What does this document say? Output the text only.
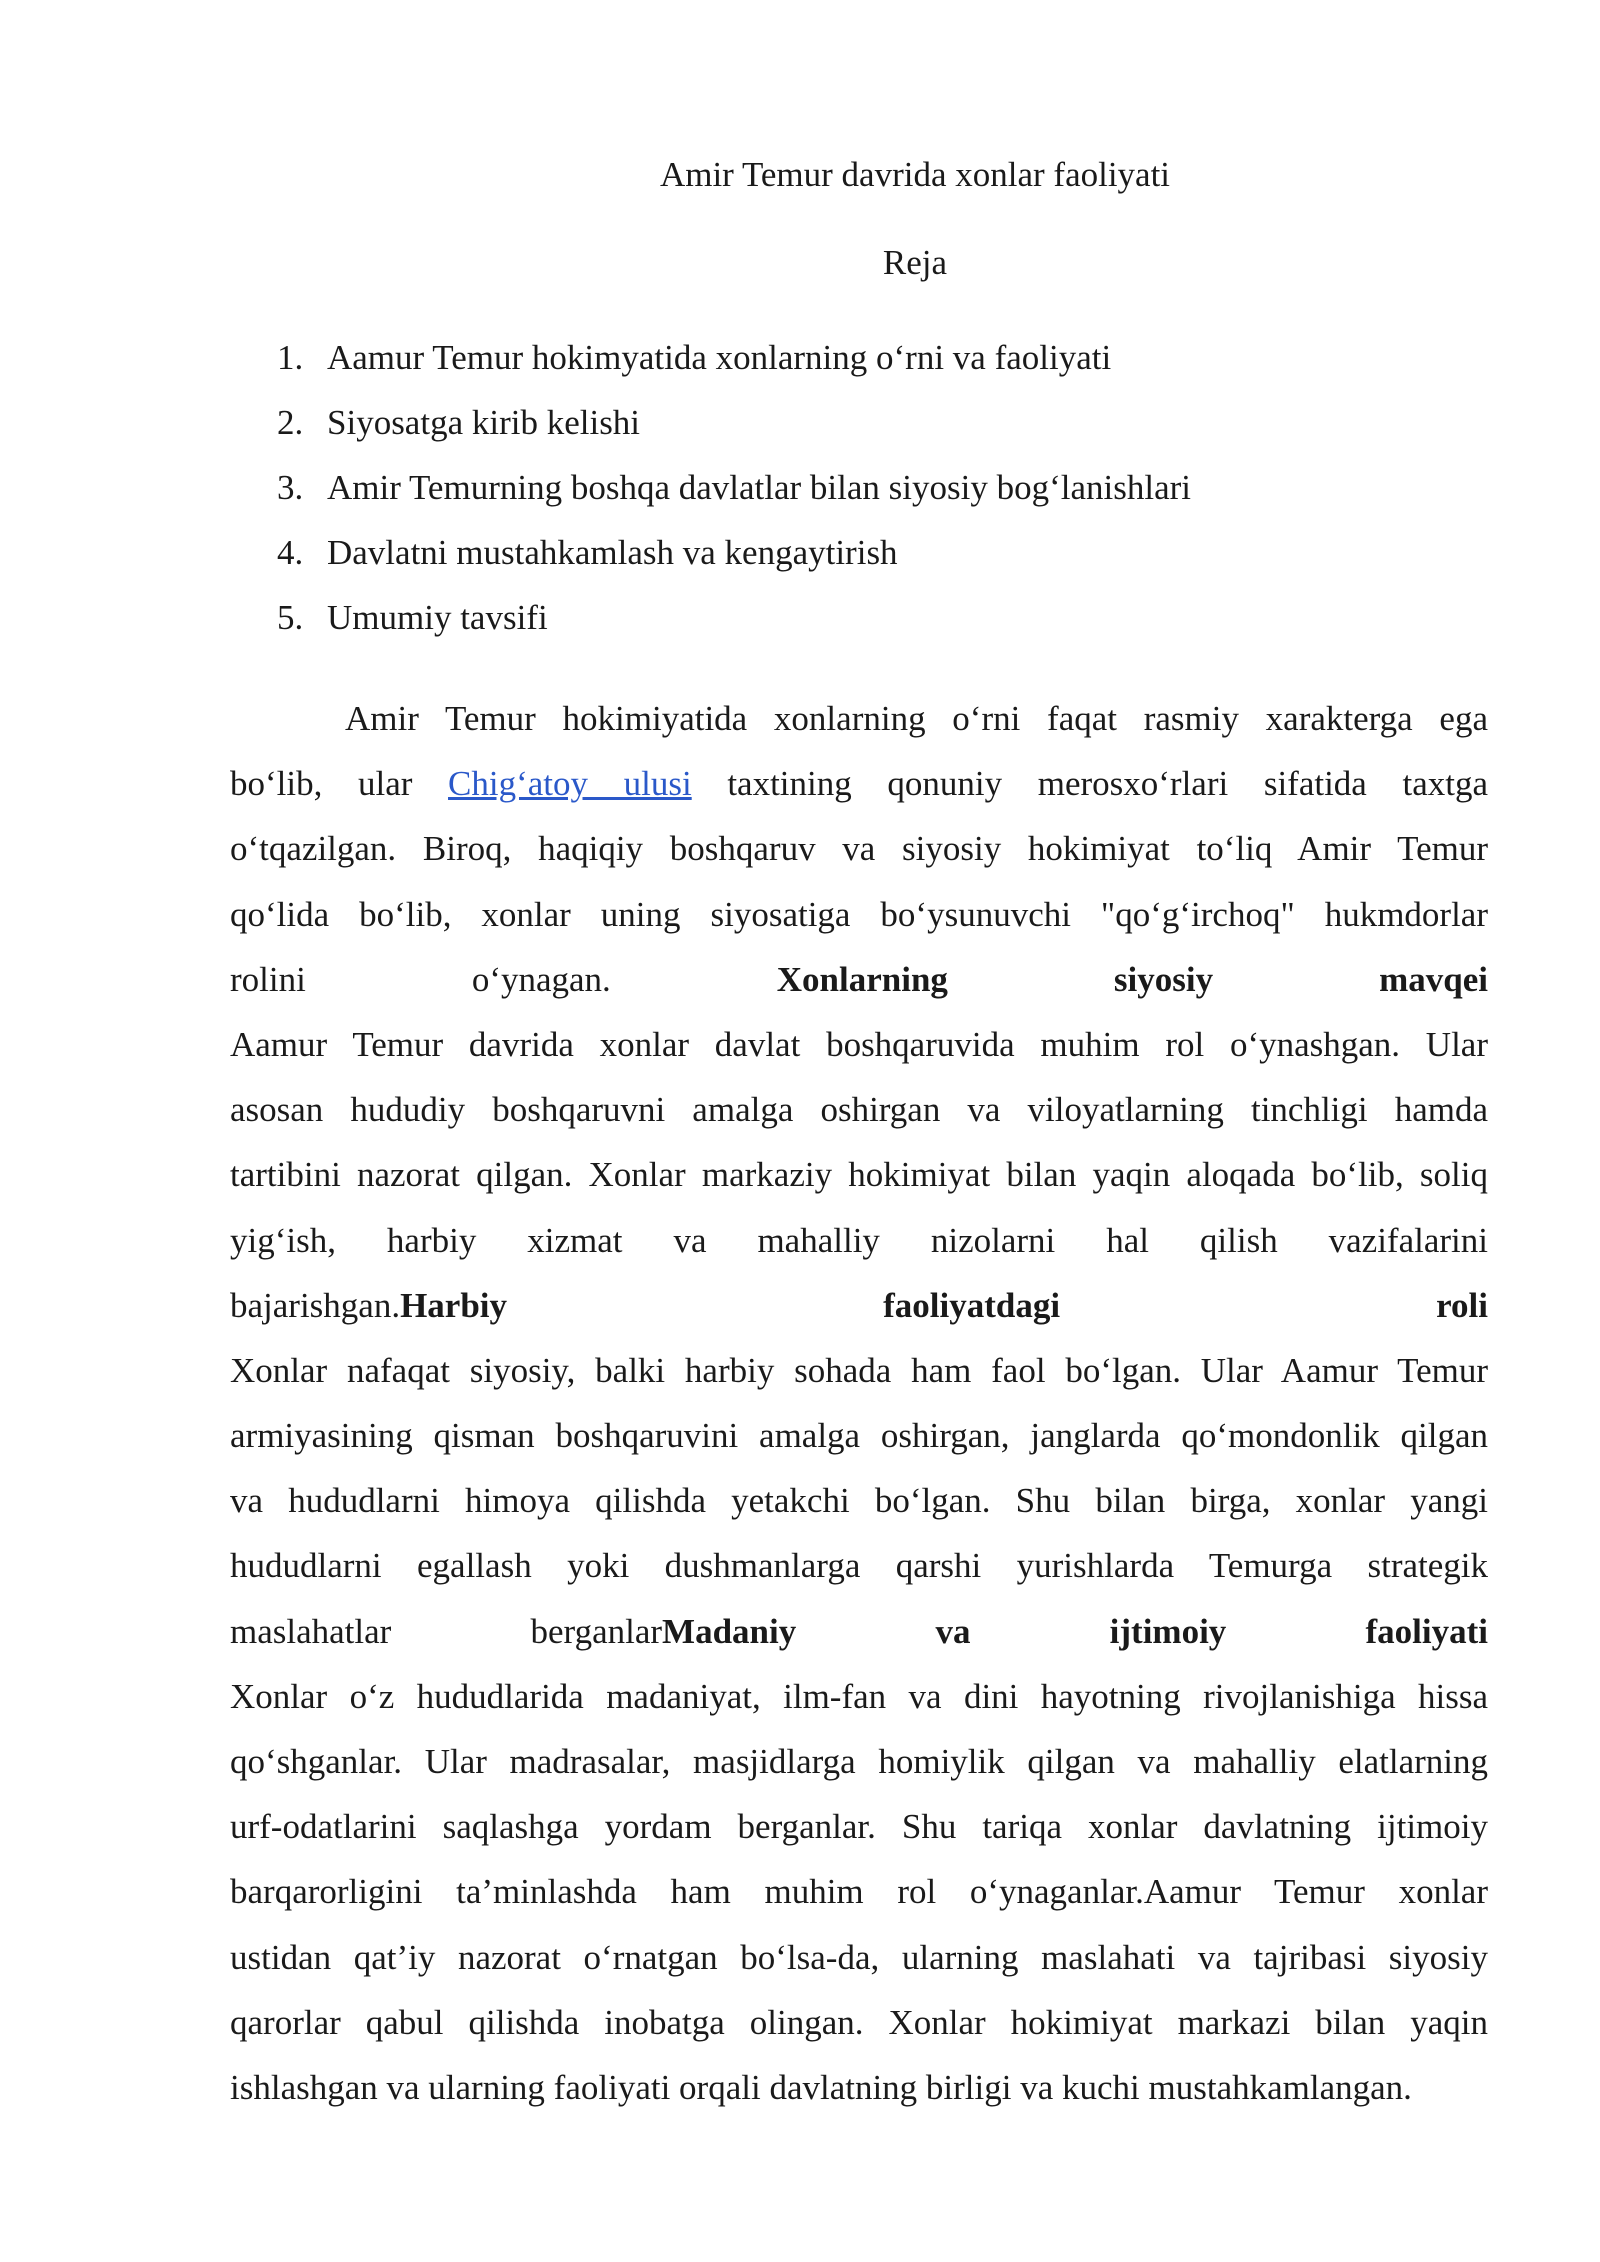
Amir Temur davrida xonlar faoliyati
Reja
1. Aamur Temur hokimyatida xonlarning o‘rni va faoliyati
2. Siyosatga kirib kelishi
3. Amir Temurning boshqa davlatlar bilan siyosiy bog‘lanishlari
4. Davlatni mustahkamlash va kengaytirish
5. Umumiy tavsifi
Amir Temur hokimiyatida xonlarning o‘rni faqat rasmiy xarakterga ega
bo‘lib, ular Chig‘atoy ulusi taxtining qonuniy merosxo‘rlari sifatida taxtga
o‘tqazilgan. Biroq, haqiqiy boshqaruv va siyosiy hokimiyat to‘liq Amir Temur
qo‘lida bo‘lib, xonlar uning siyosatiga bo‘ysunuvchi "qo‘g‘irchoq" hukmdorlar
rolini o‘ynagan. Xonlarning siyosiy mavqei
Aamur Temur davrida xonlar davlat boshqaruvida muhim rol o‘ynashgan. Ular
asosan hududiy boshqaruvni amalga oshirgan va viloyatlarning tinchligi hamda
tartibini nazorat qilgan. Xonlar markaziy hokimiyat bilan yaqin aloqada bo‘lib, soliq
yig‘ish, harbiy xizmat va mahalliy nizolarni hal qilish vazifalarini
bajarishgan.Harbiy faoliyatdagi roli
Xonlar nafaqat siyosiy, balki harbiy sohada ham faol bo‘lgan. Ular Aamur Temur
armiyasining qisman boshqaruvini amalga oshirgan, janglarda qo‘mondonlik qilgan
va hududlarni himoya qilishda yetakchi bo‘lgan. Shu bilan birga, xonlar yangi
hududlarni egallash yoki dushmanlarga qarshi yurishlarda Temurga strategik
maslahatlar berganlarMadaniy va ijtimoiy faoliyati
Xonlar o‘z hududlarida madaniyat, ilm-fan va dini hayotning rivojlanishiga hissa
qo‘shganlar. Ular madrasalar, masjidlarga homiylik qilgan va mahalliy elatlarning
urf-odatlarini saqlashga yordam berganlar. Shu tariqa xonlar davlatning ijtimoiy
barqarorligini ta’minlashda ham muhim rol o‘ynaganlar.Aamur Temur xonlar
ustidan qat’iy nazorat o‘rnatgan bo‘lsa-da, ularning maslahati va tajribasi siyosiy
qarorlar qabul qilishda inobatga olingan. Xonlar hokimiyat markazi bilan yaqin
ishlashgan va ularning faoliyati orqali davlatning birligi va kuchi mustahkamlangan.
